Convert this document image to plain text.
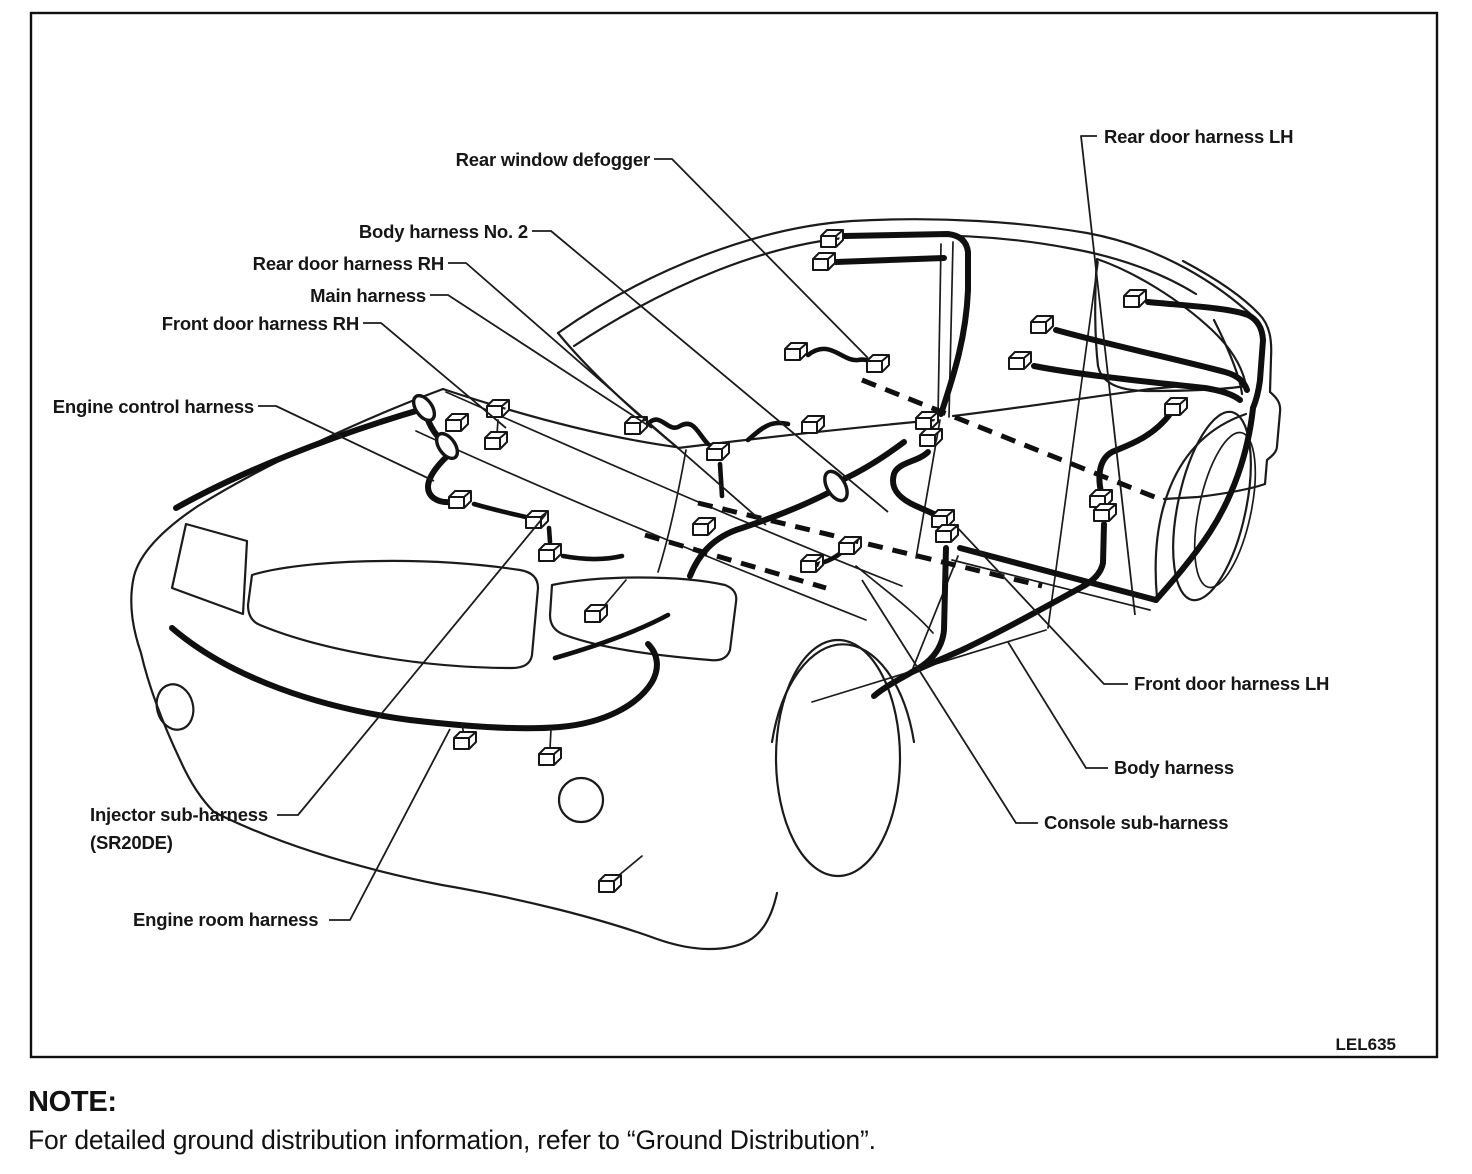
Rear window defogger
Body harness No. 2
Rear door harness RH
Main harness
Front door harness RH
Engine control harness
Rear door harness LH
Front door harness LH
Body harness
Console sub-harness
Injector sub-harness
(SR20DE)
Engine room harness
LEL635
NOTE:

For detailed ground distribution information, refer to “Ground Distribution”.
